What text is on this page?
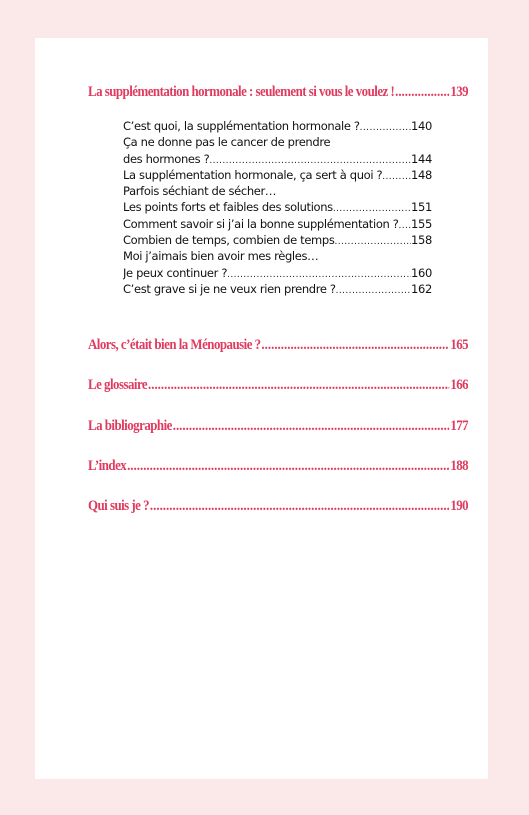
La supplémentation hormonale : seulement si vous le voulez ! .....	139
C’est quoi, la supplémentation hormonale ? .....	140
Ça ne donne pas le cancer de prendre
des hormones ? .....	144
La supplémentation hormonale, ça sert à quoi ? ..... 148
Parfois séchiant de sécher…
Les points forts et faibles des solutions .....	151
Comment savoir si j’ai la bonne supplémentation ? ..... 155
Combien de temps, combien de temps .....	158
Moi j’aimais bien avoir mes règles…
Je peux continuer ? .....	160
C’est grave si je ne veux rien prendre ? .....	162
Alors, c’était bien la Ménopausie ? .....	165
Le glossaire .....	166
La bibliographie .....	177
L’index .....	188
Qui suis je ? .....	190
